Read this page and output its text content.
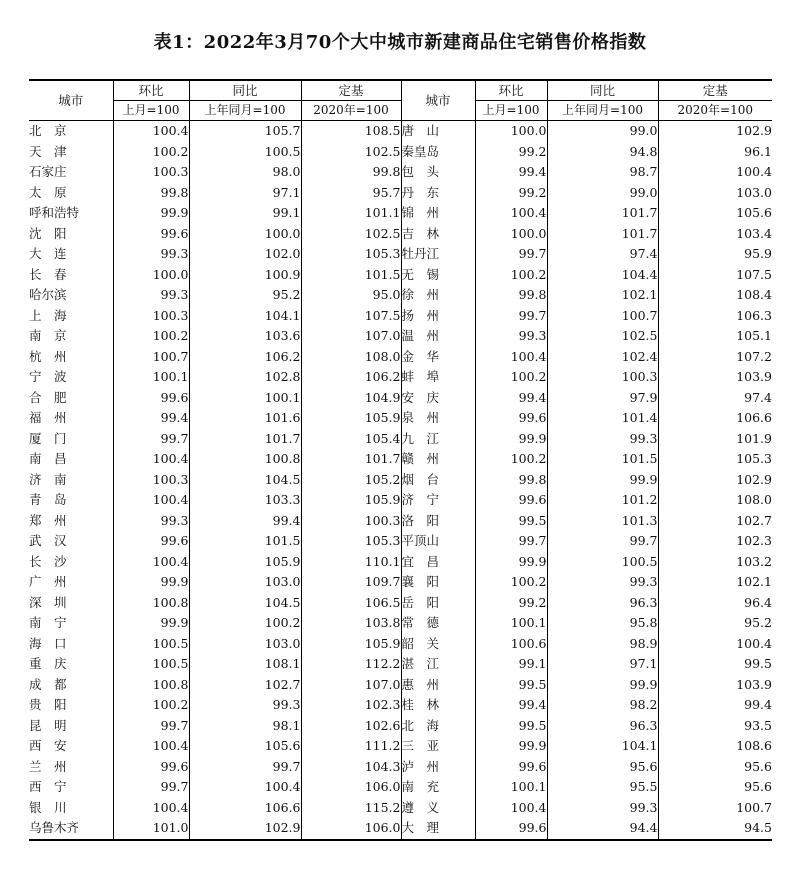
表1：2022年3月70个大中城市新建商品住宅销售价格指数
城市	环比	同比	定基	城市	环比	同比	定基
	上月=100	上年同月=100	2020年=100		上月=100	上年同月=100	2020年=100
北　京	100.4	105.7	108.5	唐　山	100.0	99.0	102.9
天　津	100.2	100.5	102.5	秦皇岛	99.2	94.8	96.1
石家庄	100.3	98.0	99.8	包　头	99.4	98.7	100.4
太　原	99.8	97.1	95.7	丹　东	99.2	99.0	103.0
呼和浩特	99.9	99.1	101.1	锦　州	100.4	101.7	105.6
沈　阳	99.6	100.0	102.5	吉　林	100.0	101.7	103.4
大　连	99.3	102.0	105.3	牡丹江	99.7	97.4	95.9
长　春	100.0	100.9	101.5	无　锡	100.2	104.4	107.5
哈尔滨	99.3	95.2	95.0	徐　州	99.8	102.1	108.4
上　海	100.3	104.1	107.5	扬　州	99.7	100.7	106.3
南　京	100.2	103.6	107.0	温　州	99.3	102.5	105.1
杭　州	100.7	106.2	108.0	金　华	100.4	102.4	107.2
宁　波	100.1	102.8	106.2	蚌　埠	100.2	100.3	103.9
合　肥	99.6	100.1	104.9	安　庆	99.4	97.9	97.4
福　州	99.4	101.6	105.9	泉　州	99.6	101.4	106.6
厦　门	99.7	101.7	105.4	九　江	99.9	99.3	101.9
南　昌	100.4	100.8	101.7	赣　州	100.2	101.5	105.3
济　南	100.3	104.5	105.2	烟　台	99.8	99.9	102.9
青　岛	100.4	103.3	105.9	济　宁	99.6	101.2	108.0
郑　州	99.3	99.4	100.3	洛　阳	99.5	101.3	102.7
武　汉	99.6	101.5	105.3	平顶山	99.7	99.7	102.3
长　沙	100.4	105.9	110.1	宜　昌	99.9	100.5	103.2
广　州	99.9	103.0	109.7	襄　阳	100.2	99.3	102.1
深　圳	100.8	104.5	106.5	岳　阳	99.2	96.3	96.4
南　宁	99.9	100.2	103.8	常　德	100.1	95.8	95.2
海　口	100.5	103.0	105.9	韶　关	100.6	98.9	100.4
重　庆	100.5	108.1	112.2	湛　江	99.1	97.1	99.5
成　都	100.8	102.7	107.0	惠　州	99.5	99.9	103.9
贵　阳	100.2	99.3	102.3	桂　林	99.4	98.2	99.4
昆　明	99.7	98.1	102.6	北　海	99.5	96.3	93.5
西　安	100.4	105.6	111.2	三　亚	99.9	104.1	108.6
兰　州	99.6	99.7	104.3	泸　州	99.6	95.6	95.6
西　宁	99.7	100.4	106.0	南　充	100.1	95.5	95.6
银　川	100.4	106.6	115.2	遵　义	100.4	99.3	100.7
乌鲁木齐	101.0	102.9	106.0	大　理	99.6	94.4	94.5
